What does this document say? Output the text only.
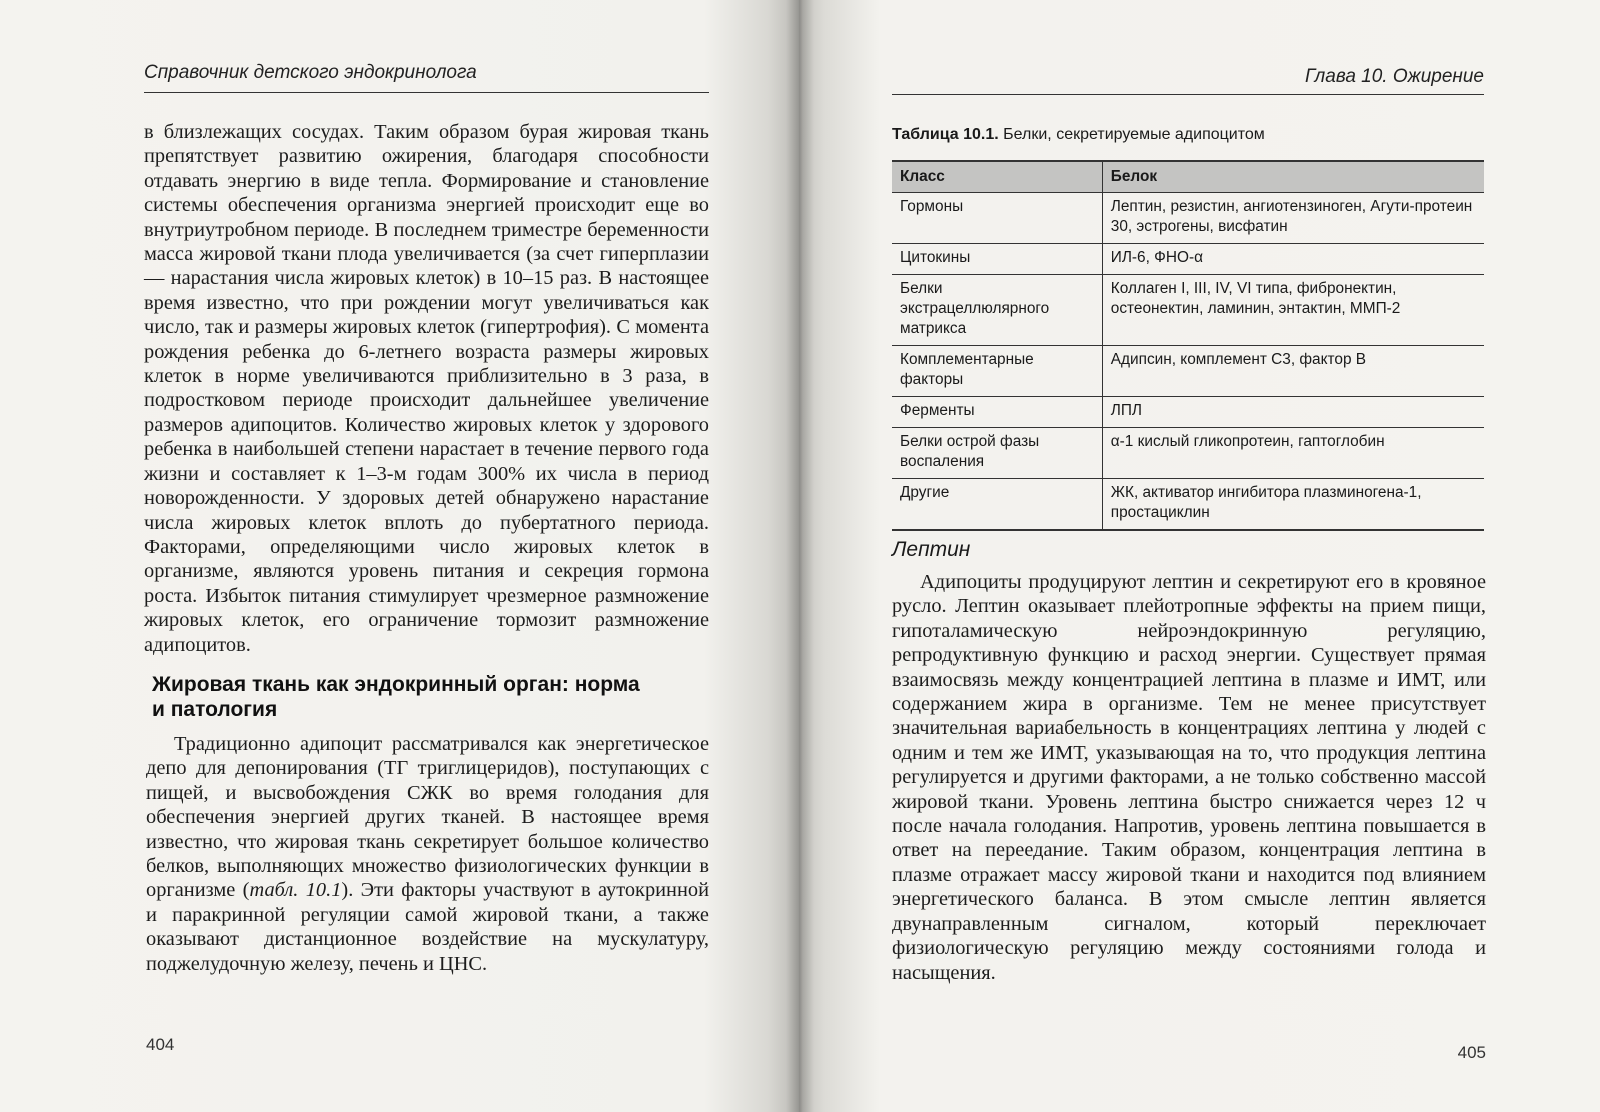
Справочник детского эндокринолога

в близлежащих сосудах. Таким образом бурая жировая ткань препятствует развитию ожирения, благодаря способности отдавать энергию в виде тепла. Формирование и становление системы обеспечения организма энергией происходит еще во внутриутробном периоде. В последнем триместре беременности масса жировой ткани плода увеличивается (за счет гиперплазии — нарастания числа жировых клеток) в 10–15 раз. В настоящее время известно, что при рождении могут увеличиваться как число, так и размеры жировых клеток (гипертрофия). С момента рождения ребенка до 6-летнего возраста размеры жировых клеток в норме увеличиваются приблизительно в 3 раза, в подростковом периоде происходит дальнейшее увеличение размеров адипоцитов. Количество жировых клеток у здорового ребенка в наибольшей степени нарастает в течение первого года жизни и составляет к 1–3-м годам 300% их числа в период новорожденности. У здоровых детей обнаружено нарастание числа жировых клеток вплоть до пубертатного периода. Факторами, определяющими число жировых клеток в организме, являются уровень питания и секреция гормона роста. Избыток питания стимулирует чрезмерное размножение жировых клеток, его ограничение тормозит размножение адипоцитов.

Жировая ткань как эндокринный орган: норма
и патология

Традиционно адипоцит рассматривался как энергетическое депо для депонирования (ТГ триглицеридов), поступающих с пищей, и высвобождения СЖК во время голодания для обеспечения энергией других тканей. В настоящее время известно, что жировая ткань секретирует большое количество белков, выполняющих множество физиологических функции в организме (табл. 10.1). Эти факторы участвуют в аутокринной и паракринной регуляции самой жировой ткани, а также оказывают дистанционное воздействие на мускулатуру, поджелудочную железу, печень и ЦНС.

404
Глава 10. Ожирение
Таблица 10.1. Белки, секретируемые адипоцитом
Класс	Белок
Гормоны	Лептин, резистин, ангиотензиноген, Агути-протеин 30, эстрогены, висфатин
Цитокины	ИЛ-6, ФНО-α
Белки экстрацеллюлярного матрикса	Коллаген I, III, IV, VI типа, фибронектин, остеонектин, ламинин, энтактин, ММП-2
Комплементарные факторы	Адипсин, комплемент С3, фактор В
Ферменты	ЛПЛ
Белки острой фазы воспаления	α-1 кислый гликопротеин, гаптоглобин
Другие	ЖК, активатор ингибитора плазминогена-1, простациклин
Лептин

Адипоциты продуцируют лептин и секретируют его в кровяное русло. Лептин оказывает плейотропные эффекты на прием пищи, гипоталамическую нейроэндокринную регуляцию, репродуктивную функцию и расход энергии. Существует прямая взаимосвязь между концентрацией лептина в плазме и ИМТ, или содержанием жира в организме. Тем не менее присутствует значительная вариабельность в концентрациях лептина у людей с одним и тем же ИМТ, указывающая на то, что продукция лептина регулируется и другими факторами, а не только собственно массой жировой ткани. Уровень лептина быстро снижается через 12 ч после начала голодания. Напротив, уровень лептина повышается в ответ на переедание. Таким образом, концентрация лептина в плазме отражает массу жировой ткани и находится под влиянием энергетического баланса. В этом смысле лептин является двунаправленным сигналом, который переключает физиологическую регуляцию между состояниями голода и насыщения.

405
